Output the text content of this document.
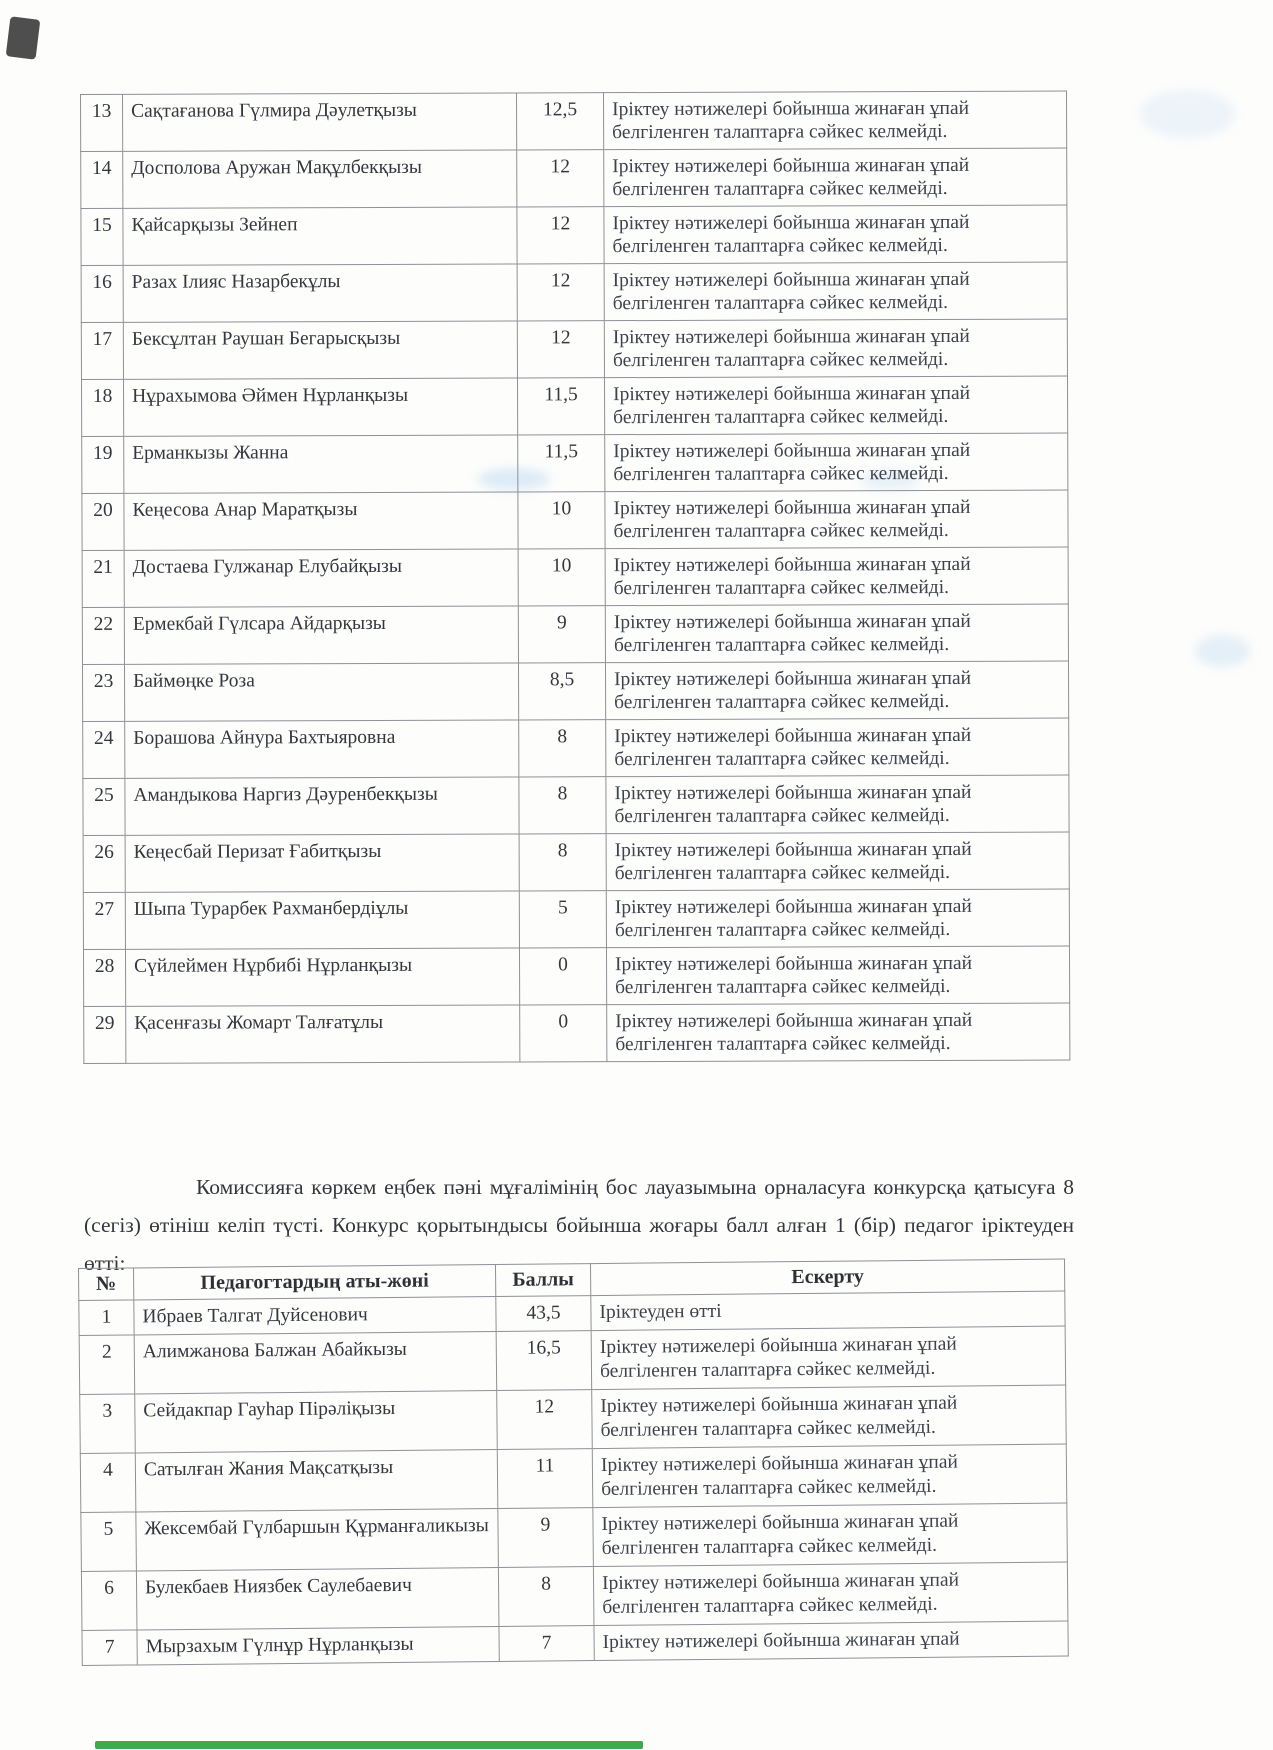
13	Сақтағанова Гүлмира Дәулетқызы	12,5	Іріктеу нәтижелері бойынша жинаған ұпай белгіленген талаптарға сәйкес келмейді.
14	Досполова Аружан Мақұлбекқызы	12	Іріктеу нәтижелері бойынша жинаған ұпай белгіленген талаптарға сәйкес келмейді.
15	Қайсарқызы Зейнеп	12	Іріктеу нәтижелері бойынша жинаған ұпай белгіленген талаптарға сәйкес келмейді.
16	Разах Ілияс Назарбекұлы	12	Іріктеу нәтижелері бойынша жинаған ұпай белгіленген талаптарға сәйкес келмейді.
17	Бексұлтан Раушан Бегарысқызы	12	Іріктеу нәтижелері бойынша жинаған ұпай белгіленген талаптарға сәйкес келмейді.
18	Нұрахымова Әймен Нұрланқызы	11,5	Іріктеу нәтижелері бойынша жинаған ұпай белгіленген талаптарға сәйкес келмейді.
19	Ерманкызы Жанна	11,5	Іріктеу нәтижелері бойынша жинаған ұпай белгіленген талаптарға сәйкес келмейді.
20	Кеңесова Анар Маратқызы	10	Іріктеу нәтижелері бойынша жинаған ұпай белгіленген талаптарға сәйкес келмейді.
21	Достаева Гулжанар Елубайқызы	10	Іріктеу нәтижелері бойынша жинаған ұпай белгіленген талаптарға сәйкес келмейді.
22	Ермекбай Гүлсара Айдарқызы	9	Іріктеу нәтижелері бойынша жинаған ұпай белгіленген талаптарға сәйкес келмейді.
23	Баймөңке Роза	8,5	Іріктеу нәтижелері бойынша жинаған ұпай белгіленген талаптарға сәйкес келмейді.
24	Борашова Айнура Бахтыяровна	8	Іріктеу нәтижелері бойынша жинаған ұпай белгіленген талаптарға сәйкес келмейді.
25	Амандыкова Наргиз Дәуренбекқызы	8	Іріктеу нәтижелері бойынша жинаған ұпай белгіленген талаптарға сәйкес келмейді.
26	Кеңесбай Перизат Ғабитқызы	8	Іріктеу нәтижелері бойынша жинаған ұпай белгіленген талаптарға сәйкес келмейді.
27	Шыпа Турарбек Рахманбердіұлы	5	Іріктеу нәтижелері бойынша жинаған ұпай белгіленген талаптарға сәйкес келмейді.
28	Сүйлеймен Нұрбибі Нұрланқызы	0	Іріктеу нәтижелері бойынша жинаған ұпай белгіленген талаптарға сәйкес келмейді.
29	Қасенғазы Жомарт Талғатұлы	0	Іріктеу нәтижелері бойынша жинаған ұпай белгіленген талаптарға сәйкес келмейді.

Комиссияға көркем еңбек пәні мұғалімінің бос лауазымына орналасуға конкурсқа қатысуға 8 (сегіз) өтініш келіп түсті. Конкурс қорытындысы бойынша жоғары балл алған 1 (бір) педагог іріктеуден өтті:

№	Педагогтардың аты-жөні	Баллы	Ескерту
1	Ибраев Талгат Дуйсенович	43,5	Іріктеуден өтті
2	Алимжанова Балжан Абайкызы	16,5	Іріктеу нәтижелері бойынша жинаған ұпай белгіленген талаптарға сәйкес келмейді.
3	Сейдакпар Гауһар Пірәліқызы	12	Іріктеу нәтижелері бойынша жинаған ұпай белгіленген талаптарға сәйкес келмейді.
4	Сатылған Жания Мақсатқызы	11	Іріктеу нәтижелері бойынша жинаған ұпай белгіленген талаптарға сәйкес келмейді.
5	Жексембай Гүлбаршын Құрманғаликызы	9	Іріктеу нәтижелері бойынша жинаған ұпай белгіленген талаптарға сәйкес келмейді.
6	Булекбаев Ниязбек Саулебаевич	8	Іріктеу нәтижелері бойынша жинаған ұпай белгіленген талаптарға сәйкес келмейді.
7	Мырзахым Гүлнұр Нұрланқызы	7	Іріктеу нәтижелері бойынша жинаған ұпай
